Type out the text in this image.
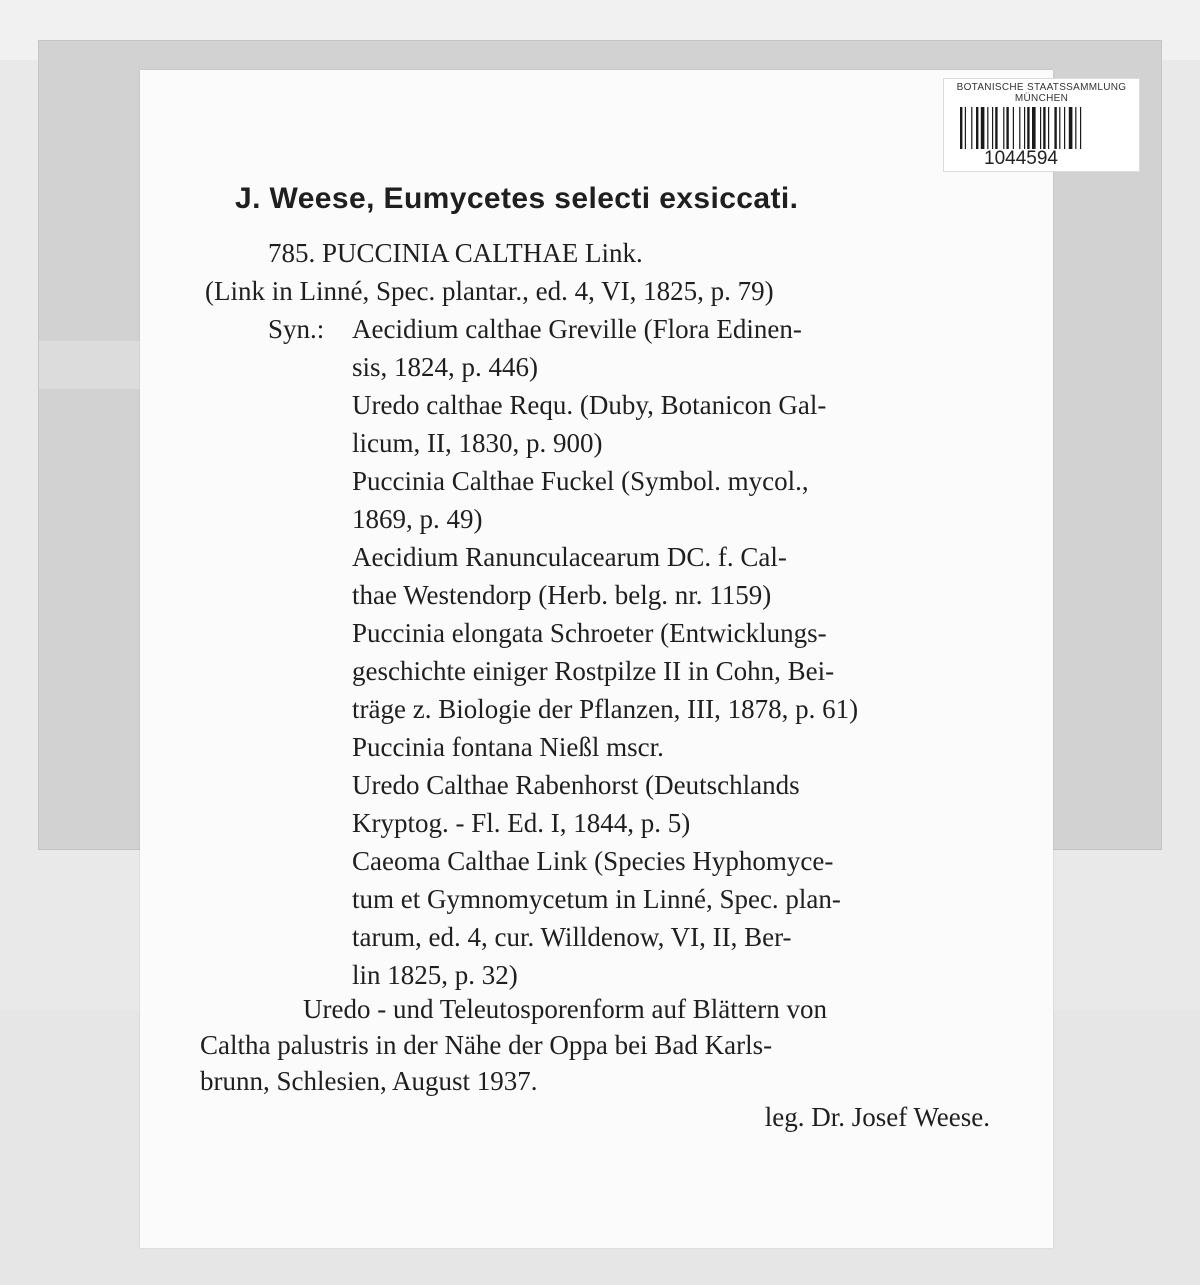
BOTANISCHE STAATSSAMMLUNG MÜNCHEN
1044594
J. Weese, Eumycetes selecti exsiccati.
785. PUCCINIA CALTHAE Link.
(Link in Linné, Spec. plantar., ed. 4, VI, 1825, p. 79)
Syn.: Aecidium calthae Greville (Flora Edinen-
sis, 1824, p. 446)
Uredo calthae Requ. (Duby, Botanicon Gal-
licum, II, 1830, p. 900)
Puccinia Calthae Fuckel (Symbol. mycol.,
1869, p. 49)
Aecidium Ranunculacearum DC. f. Cal-
thae Westendorp (Herb. belg. nr. 1159)
Puccinia elongata Schroeter (Entwicklungs-
geschichte einiger Rostpilze II in Cohn, Bei-
träge z. Biologie der Pflanzen, III, 1878, p. 61)
Puccinia fontana Nießl mscr.
Uredo Calthae Rabenhorst (Deutschlands
Kryptog. - Fl. Ed. I, 1844, p. 5)
Caeoma Calthae Link (Species Hyphomyce-
tum et Gymnomycetum in Linné, Spec. plan-
tarum, ed. 4, cur. Willdenow, VI, II, Ber-
lin 1825, p. 32)
Uredo - und Teleutosporenform auf Blättern von
Caltha palustris in der Nähe der Oppa bei Bad Karls-
brunn, Schlesien, August 1937.
leg. Dr. Josef Weese.
